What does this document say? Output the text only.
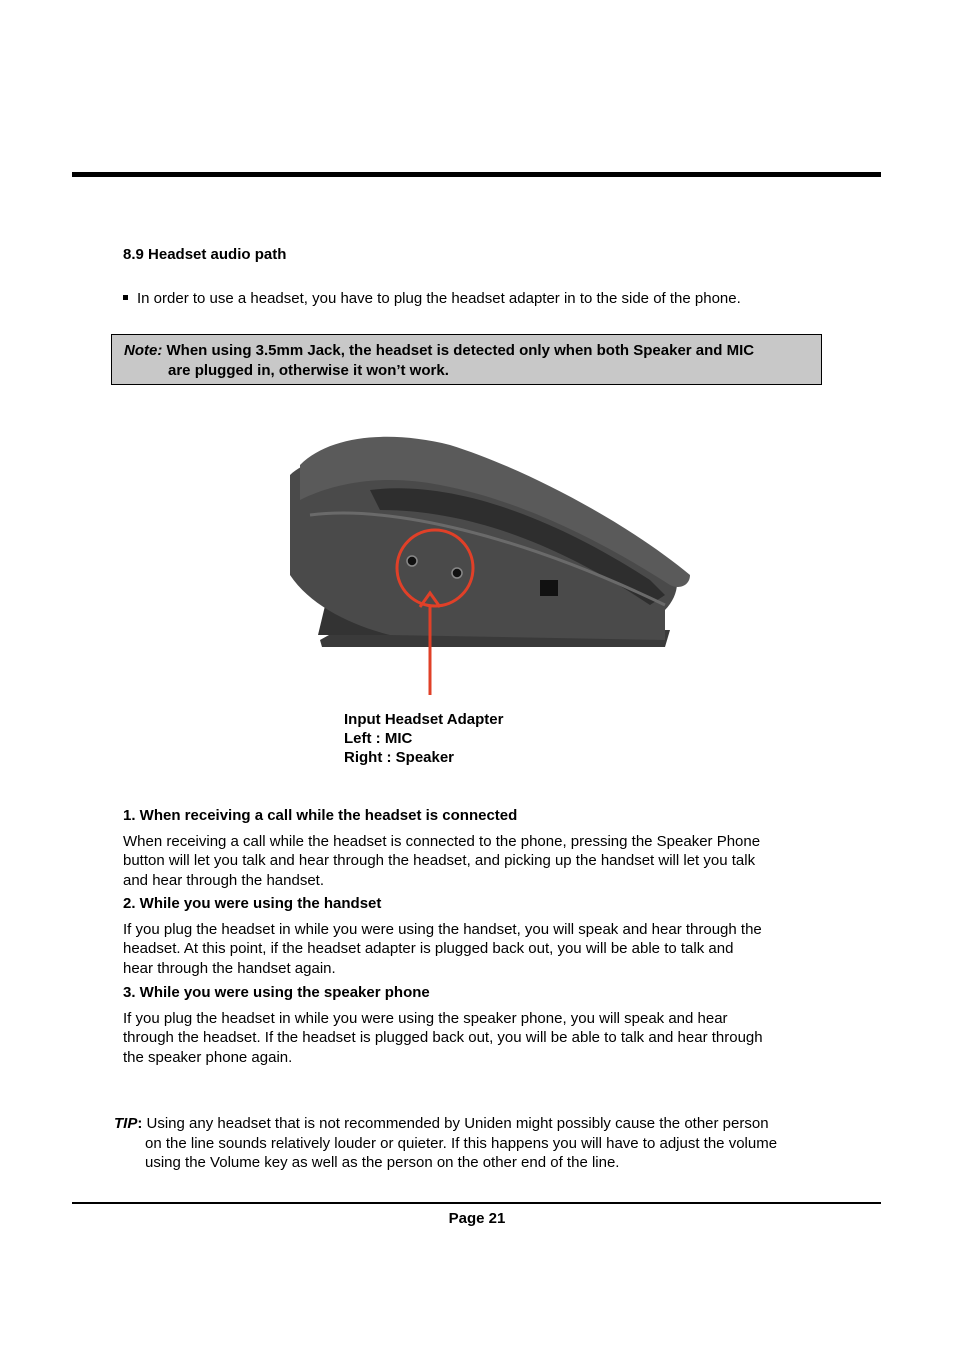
8.9 Headset audio path
In order to use a headset, you have to plug the headset adapter in to the side of the phone.
Note: When using 3.5mm Jack, the headset is detected only when both Speaker and MIC
are plugged in, otherwise it won’t work.
Input Headset Adapter
Left : MIC
Right : Speaker
1. When receiving a call while the headset is connected
When receiving a call while the headset is connected to the phone, pressing the Speaker Phone
button will let you talk and hear through the headset, and picking up the handset will let you talk
and hear through the handset.
2. While you were using the handset
If you plug the headset in while you were using the handset, you will speak and hear through the
headset. At this point, if the headset adapter is plugged back out, you will be able to talk and
hear through the handset again.
3. While you were using the speaker phone
If you plug the headset in while you were using the speaker phone, you will speak and hear
through the headset. If the headset is plugged back out, you will be able to talk and hear through
the speaker phone again.
TIP: Using any headset that is not recommended by Uniden might possibly cause the other person
on the line sounds relatively louder or quieter. If this happens you will have to adjust the volume
using the Volume key as well as the person on the other end of the line.
Page 21
